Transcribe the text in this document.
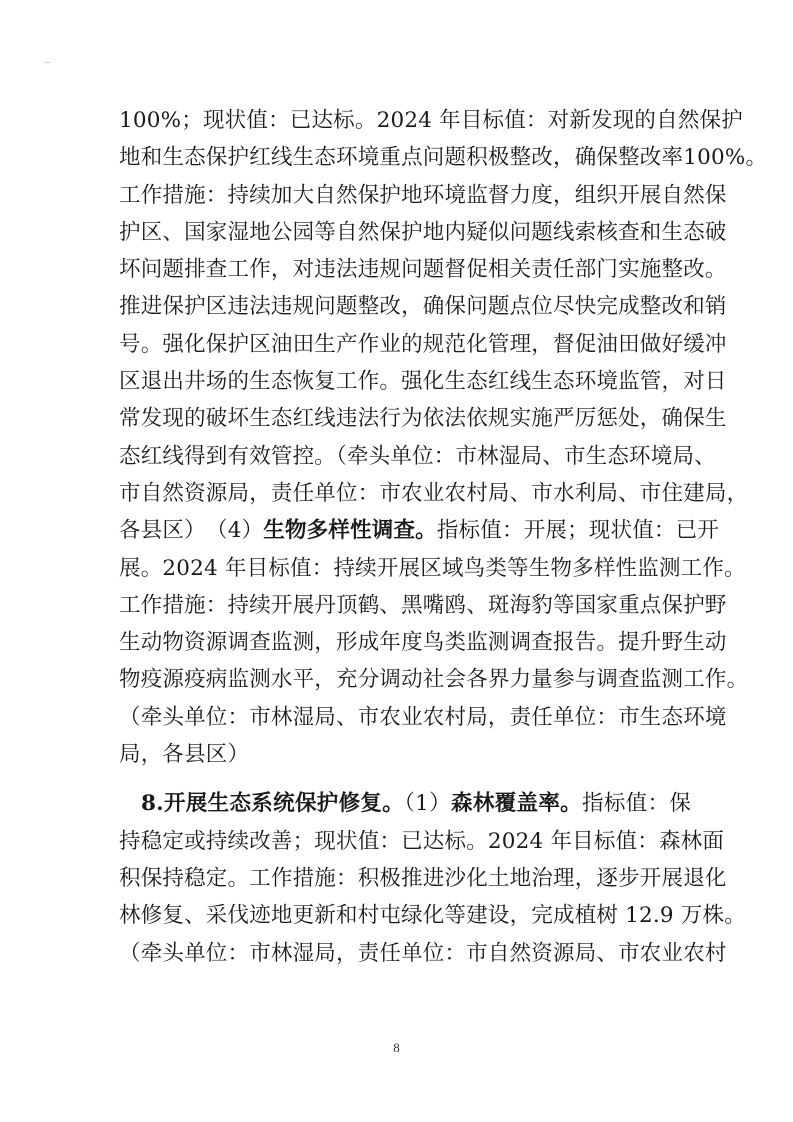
100%；现状值：已达标。2024 年目标值：对新发现的自然保护
地和生态保护红线生态环境重点问题积极整改，确保整改率100%。
工作措施：持续加大自然保护地环境监督力度，组织开展自然保
护区、国家湿地公园等自然保护地内疑似问题线索核查和生态破
坏问题排查工作，对违法违规问题督促相关责任部门实施整改。
推进保护区违法违规问题整改，确保问题点位尽快完成整改和销
号。强化保护区油田生产作业的规范化管理，督促油田做好缓冲
区退出井场的生态恢复工作。强化生态红线生态环境监管，对日
常发现的破坏生态红线违法行为依法依规实施严厉惩处，确保生
态红线得到有效管控。（牵头单位：市林湿局、市生态环境局、
市自然资源局，责任单位：市农业农村局、市水利局、市住建局，
各县区）　（4）生物多样性调查。指标值：开展；现状值：已开
展。2024 年目标值：持续开展区域鸟类等生物多样性监测工作。
工作措施：持续开展丹顶鹤、黑嘴鸥、斑海豹等国家重点保护野
生动物资源调查监测，形成年度鸟类监测调查报告。提升野生动
物疫源疫病监测水平，充分调动社会各界力量参与调查监测工作。
（牵头单位：市林湿局、市农业农村局，责任单位：市生态环境
局，各县区）
8.开展生态系统保护修复。（1）森林覆盖率。指标值：保
持稳定或持续改善；现状值：已达标。2024 年目标值：森林面
积保持稳定。工作措施：积极推进沙化土地治理，逐步开展退化
林修复、采伐迹地更新和村屯绿化等建设，完成植树 12.9 万株。
（牵头单位：市林湿局，责任单位：市自然资源局、市农业农村
8
